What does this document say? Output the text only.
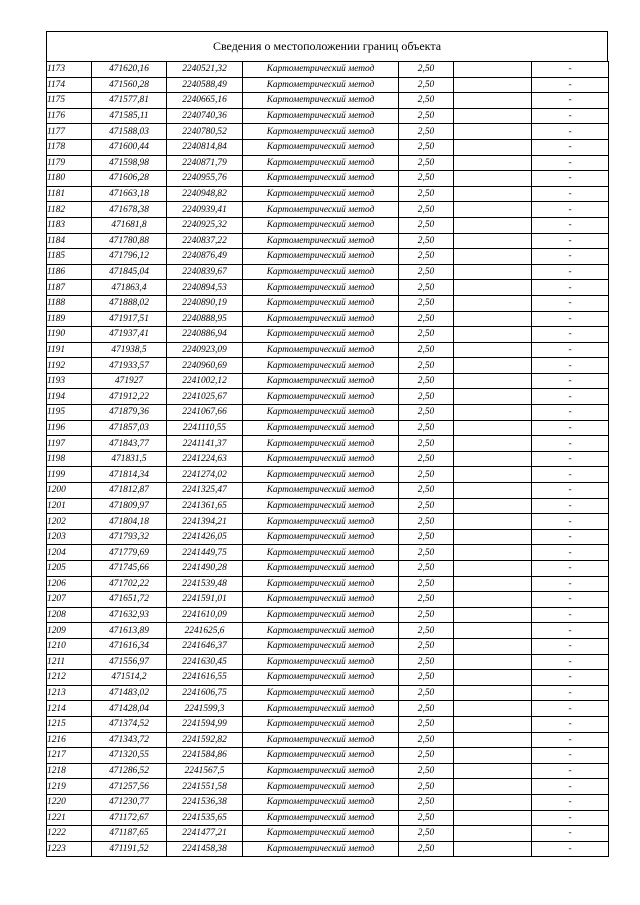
Сведения о местоположении границ объекта
1173	471620,16	2240521,32	Картометрический метод	2,50		-
1174	471560,28	2240588,49	Картометрический метод	2,50		-
1175	471577,81	2240665,16	Картометрический метод	2,50		-
1176	471585,11	2240740,36	Картометрический метод	2,50		-
1177	471588,03	2240780,52	Картометрический метод	2,50		-
1178	471600,44	2240814,84	Картометрический метод	2,50		-
1179	471598,98	2240871,79	Картометрический метод	2,50		-
1180	471606,28	2240955,76	Картометрический метод	2,50		-
1181	471663,18	2240948,82	Картометрический метод	2,50		-
1182	471678,38	2240939,41	Картометрический метод	2,50		-
1183	471681,8	2240925,32	Картометрический метод	2,50		-
1184	471780,88	2240837,22	Картометрический метод	2,50		-
1185	471796,12	2240876,49	Картометрический метод	2,50		-
1186	471845,04	2240839,67	Картометрический метод	2,50		-
1187	471863,4	2240894,53	Картометрический метод	2,50		-
1188	471888,02	2240890,19	Картометрический метод	2,50		-
1189	471917,51	2240888,95	Картометрический метод	2,50		-
1190	471937,41	2240886,94	Картометрический метод	2,50		-
1191	471938,5	2240923,09	Картометрический метод	2,50		-
1192	471933,57	2240960,69	Картометрический метод	2,50		-
1193	471927	2241002,12	Картометрический метод	2,50		-
1194	471912,22	2241025,67	Картометрический метод	2,50		-
1195	471879,36	2241067,66	Картометрический метод	2,50		-
1196	471857,03	2241110,55	Картометрический метод	2,50		-
1197	471843,77	2241141,37	Картометрический метод	2,50		-
1198	471831,5	2241224,63	Картометрический метод	2,50		-
1199	471814,34	2241274,02	Картометрический метод	2,50		-
1200	471812,87	2241325,47	Картометрический метод	2,50		-
1201	471809,97	2241361,65	Картометрический метод	2,50		-
1202	471804,18	2241394,21	Картометрический метод	2,50		-
1203	471793,32	2241426,05	Картометрический метод	2,50		-
1204	471779,69	2241449,75	Картометрический метод	2,50		-
1205	471745,66	2241490,28	Картометрический метод	2,50		-
1206	471702,22	2241539,48	Картометрический метод	2,50		-
1207	471651,72	2241591,01	Картометрический метод	2,50		-
1208	471632,93	2241610,09	Картометрический метод	2,50		-
1209	471613,89	2241625,6	Картометрический метод	2,50		-
1210	471616,34	2241646,37	Картометрический метод	2,50		-
1211	471556,97	2241630,45	Картометрический метод	2,50		-
1212	471514,2	2241616,55	Картометрический метод	2,50		-
1213	471483,02	2241606,75	Картометрический метод	2,50		-
1214	471428,04	2241599,3	Картометрический метод	2,50		-
1215	471374,52	2241594,99	Картометрический метод	2,50		-
1216	471343,72	2241592,82	Картометрический метод	2,50		-
1217	471320,55	2241584,86	Картометрический метод	2,50		-
1218	471286,52	2241567,5	Картометрический метод	2,50		-
1219	471257,56	2241551,58	Картометрический метод	2,50		-
1220	471230,77	2241536,38	Картометрический метод	2,50		-
1221	471172,67	2241535,65	Картометрический метод	2,50		-
1222	471187,65	2241477,21	Картометрический метод	2,50		-
1223	471191,52	2241458,38	Картометрический метод	2,50		-
